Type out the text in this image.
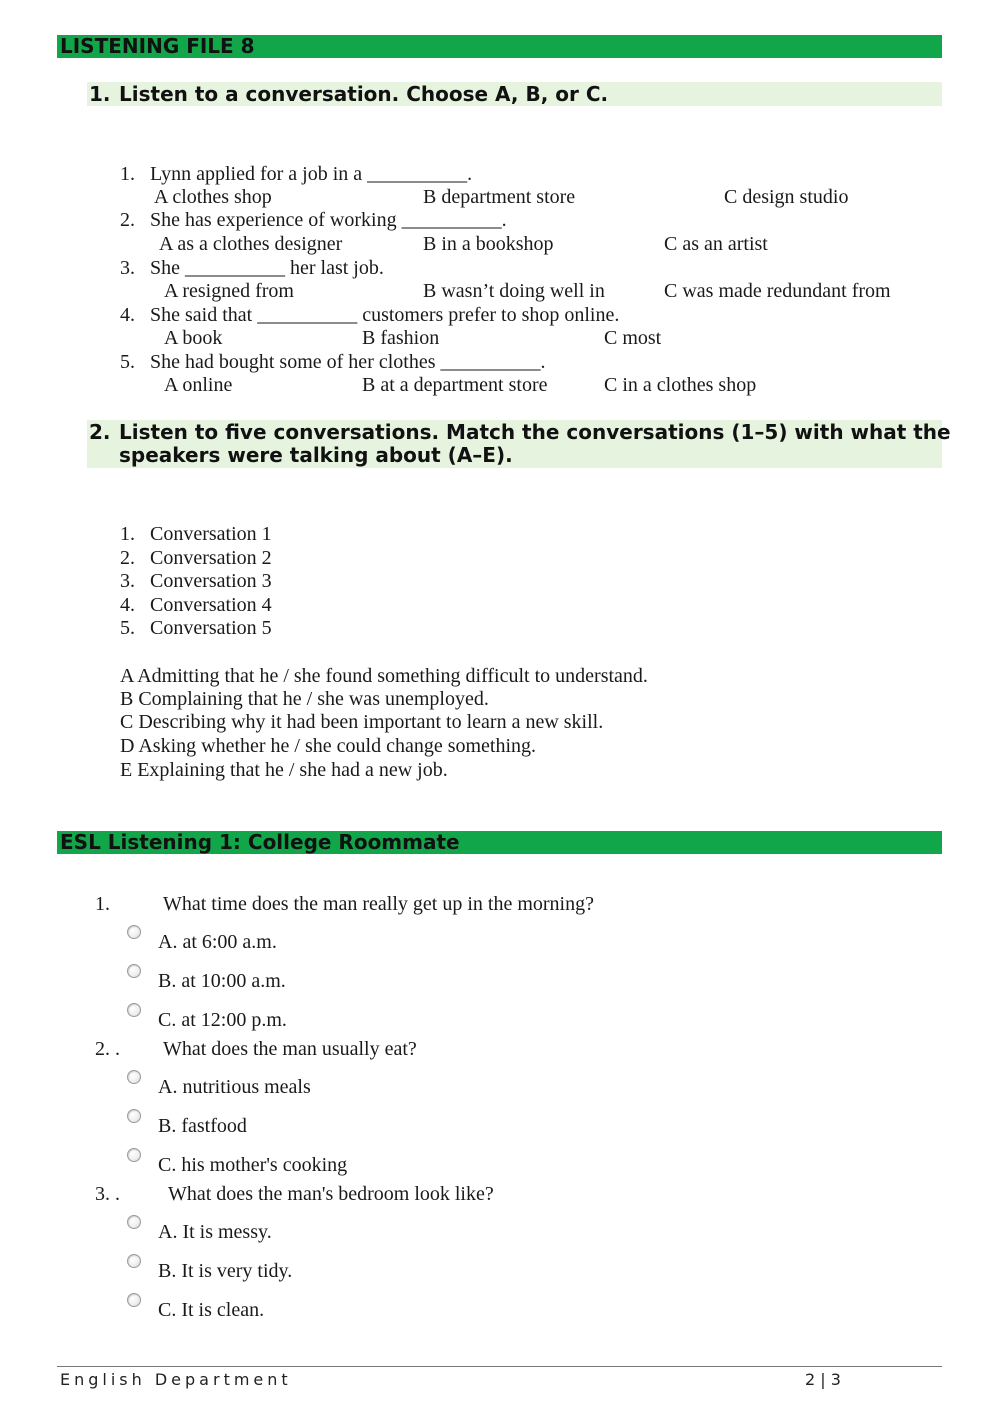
LISTENING FILE 8
1. Listen to a conversation. Choose A, B, or C.
1. Lynn applied for a job in a __________.
A clothes shop	B department store	C design studio
2. She has experience of working __________.
A as a clothes designer	B in a bookshop	C as an artist
3. She __________ her last job.
A resigned from	B wasn’t doing well in	C was made redundant from
4. She said that __________ customers prefer to shop online.
A book	B fashion	C most
5. She had bought some of her clothes __________.
A online	B at a department store	C in a clothes shop
2. Listen to five conversations. Match the conversations (1–5) with what the
speakers were talking about (A–E).
1. Conversation 1
2. Conversation 2
3. Conversation 3
4. Conversation 4
5. Conversation 5
A Admitting that he / she found something difficult to understand.
B Complaining that he / she was unemployed.
C Describing why it had been important to learn a new skill.
D Asking whether he / she could change something.
E Explaining that he / she had a new job.
ESL Listening 1: College Roommate
1.	What time does the man really get up in the morning?
A. at 6:00 a.m.
B. at 10:00 a.m.
C. at 12:00 p.m.
2. . What does the man usually eat?
A. nutritious meals
B. fastfood
C. his mother's cooking
3. . What does the man's bedroom look like?
A. It is messy.
B. It is very tidy.
C. It is clean.
English Department	2 | 3
